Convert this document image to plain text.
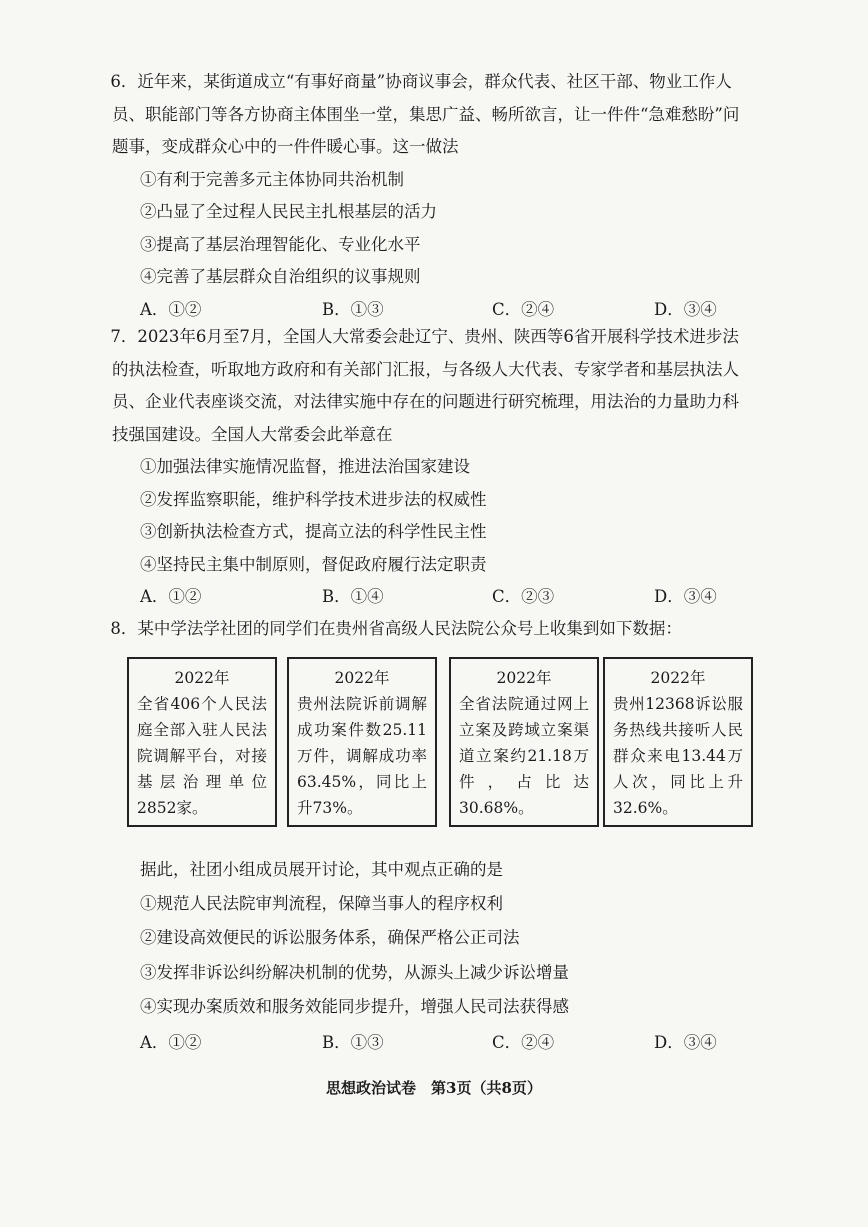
6．近年来，某街道成立“有事好商量”协商议事会，群众代表、社区干部、物业工作人员、职能部门等各方协商主体围坐一堂，集思广益、畅所欲言，让一件件“急难愁盼”问题事，变成群众心中的一件件暖心事。这一做法

①有利于完善多元主体协同共治机制

②凸显了全过程人民民主扎根基层的活力

③提高了基层治理智能化、专业化水平

④完善了基层群众自治组织的议事规则

A．①②	B．①③	C．②④	D．③④

7．2023年6月至7月，全国人大常委会赴辽宁、贵州、陕西等6省开展科学技术进步法的执法检查，听取地方政府和有关部门汇报，与各级人大代表、专家学者和基层执法人员、企业代表座谈交流，对法律实施中存在的问题进行研究梳理，用法治的力量助力科技强国建设。全国人大常委会此举意在

①加强法律实施情况监督，推进法治国家建设

②发挥监察职能，维护科学技术进步法的权威性

③创新执法检查方式，提高立法的科学性民主性

④坚持民主集中制原则，督促政府履行法定职责

A．①②	B．①④	C．②③	D．③④

8．某中学法学社团的同学们在贵州省高级人民法院公众号上收集到如下数据：

2022年
全省406个人民法庭全部入驻人民法院调解平台，对接基层治理单位2852家。
2022年
贵州法院诉前调解成功案件数25.11万件，调解成功率63.45%，同比上升73%。
2022年
全省法院通过网上立案及跨域立案渠道立案约21.18万件，占比达30.68%。
2022年
贵州12368诉讼服务热线共接听人民群众来电13.44万人次，同比上升32.6%。

据此，社团小组成员展开讨论，其中观点正确的是

①规范人民法院审判流程，保障当事人的程序权利

②建设高效便民的诉讼服务体系，确保严格公正司法

③发挥非诉讼纠纷解决机制的优势，从源头上减少诉讼增量

④实现办案质效和服务效能同步提升，增强人民司法获得感

A．①②	B．①③	C．②④	D．③④
思想政治试卷　第3页（共8页）
